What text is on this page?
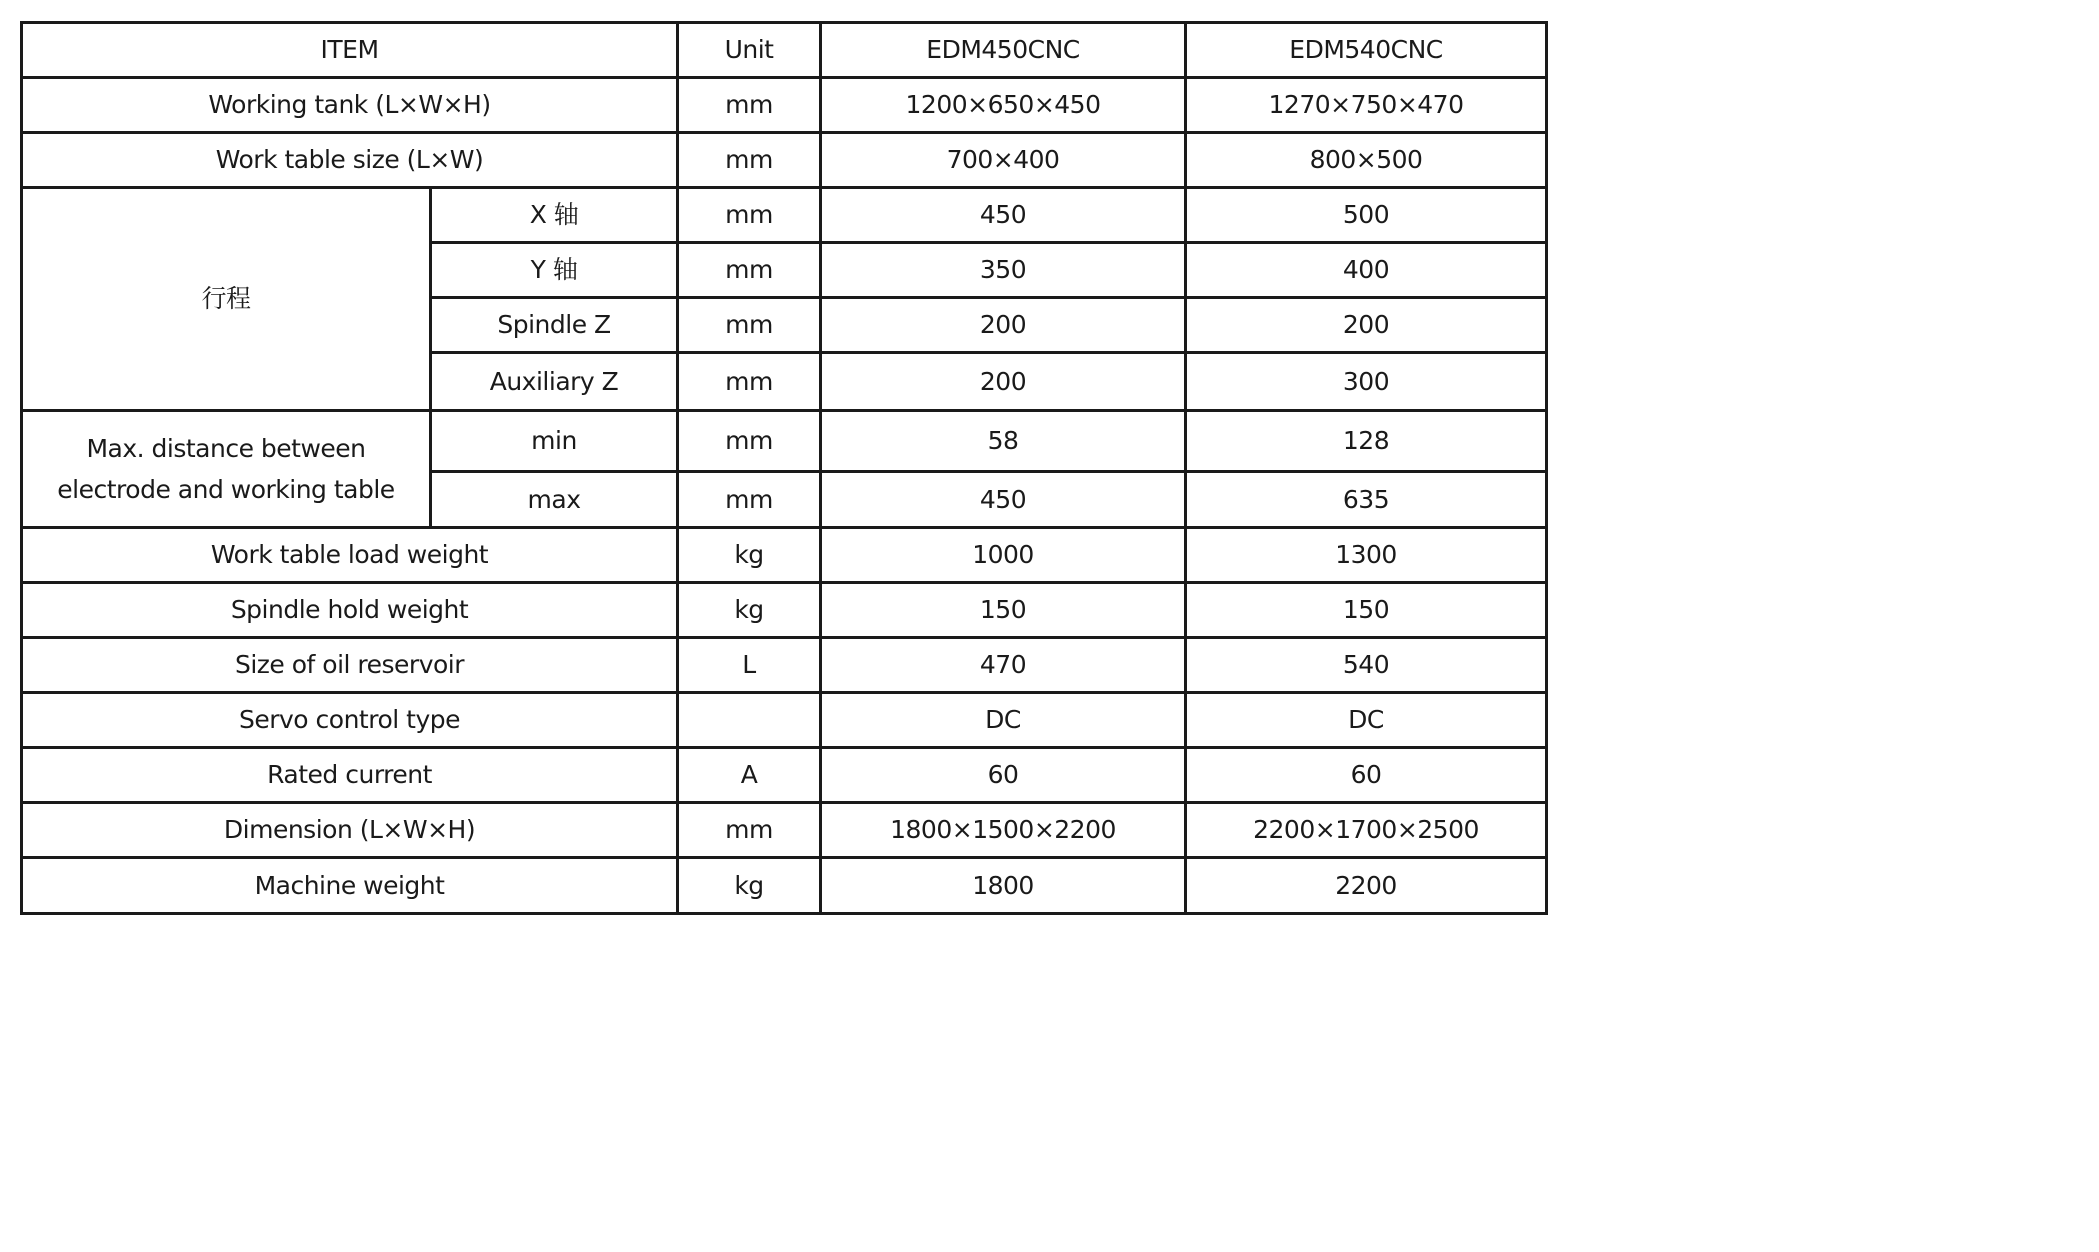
ITEM		Unit	EDM450CNC	EDM540CNC
Working tank (L×W×H)		mm	1200×650×450	1270×750×470
Work table size (L×W)		mm	700×400	800×500
行程	X 轴	mm	450	500
	Y 轴	mm	350	400
	Spindle Z	mm	200	200
	Auxiliary Z	mm	200	300
Max. distance between
electrode and working table	min	mm	58	128
	max	mm	450	635
Work table load weight		kg	1000	1300
Spindle hold weight		kg	150	150
Size of oil reservoir		L	470	540
Servo control type			DC	DC
Rated current		A	60	60
Dimension (L×W×H)		mm	1800×1500×2200	2200×1700×2500
Machine weight		kg	1800	2200
